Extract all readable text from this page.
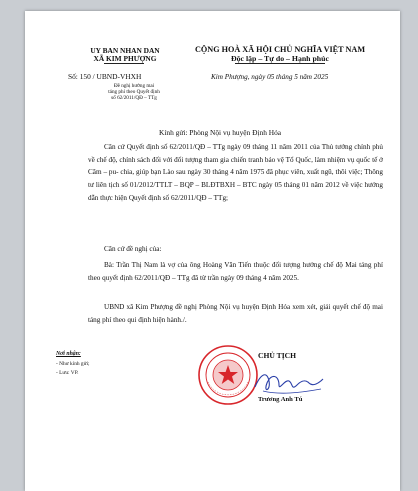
UY BAN NHAN DAN
XÃ KIM PHƯỢNG
CỘNG HOÀ XÃ HỘI CHỦ NGHĨA VIỆT NAM
Độc lập – Tự do – Hạnh phúc
Số: 150 / UBND-VHXH
Đề nghị hưởng mai
táng phí theo Quyết định
số 62/2011/QĐ – TTg
Kim Phượng, ngày 05 tháng 5 năm 2025
Kính gửi: Phòng Nội vụ huyện Định Hóa
Căn cứ Quyết định số 62/2011/QĐ – TTg ngày 09 tháng 11 năm 2011 của Thủ tướng chính phủ về chế độ, chính sách đối với đối tượng tham gia chiến tranh bảo vệ Tổ Quốc, làm nhiệm vụ quốc tế ở Căm – pu- chia, giúp bạn Lào sau ngày 30 tháng 4 năm 1975 đã phục viên, xuất ngũ, thôi việc; Thông tư liên tịch số 01/2012/TTLT – BQP – BLĐTBXH – BTC ngày 05 tháng 01 năm 2012 về việc hướng dẫn thực hiện Quyết định số 62/2011/QĐ – TTg;
Căn cứ đề nghị của:
Bà: Trần Thị Nam là vợ của ông Hoàng Văn Tiến thuộc đối tượng hưởng chế độ Mai táng phí theo quyết định 62/2011/QĐ – TTg đã từ trần ngày 09 tháng 4 năm 2025.
UBND xã Kim Phượng đề nghị Phòng Nội vụ huyện Định Hóa xem xét, giải quyết chế độ mai táng phí theo qui định hiện hành./.
Nơi nhận:
- Như kính gửi;
- Lưu: VP.
CHỦ TỊCH
Trương Anh Tú
